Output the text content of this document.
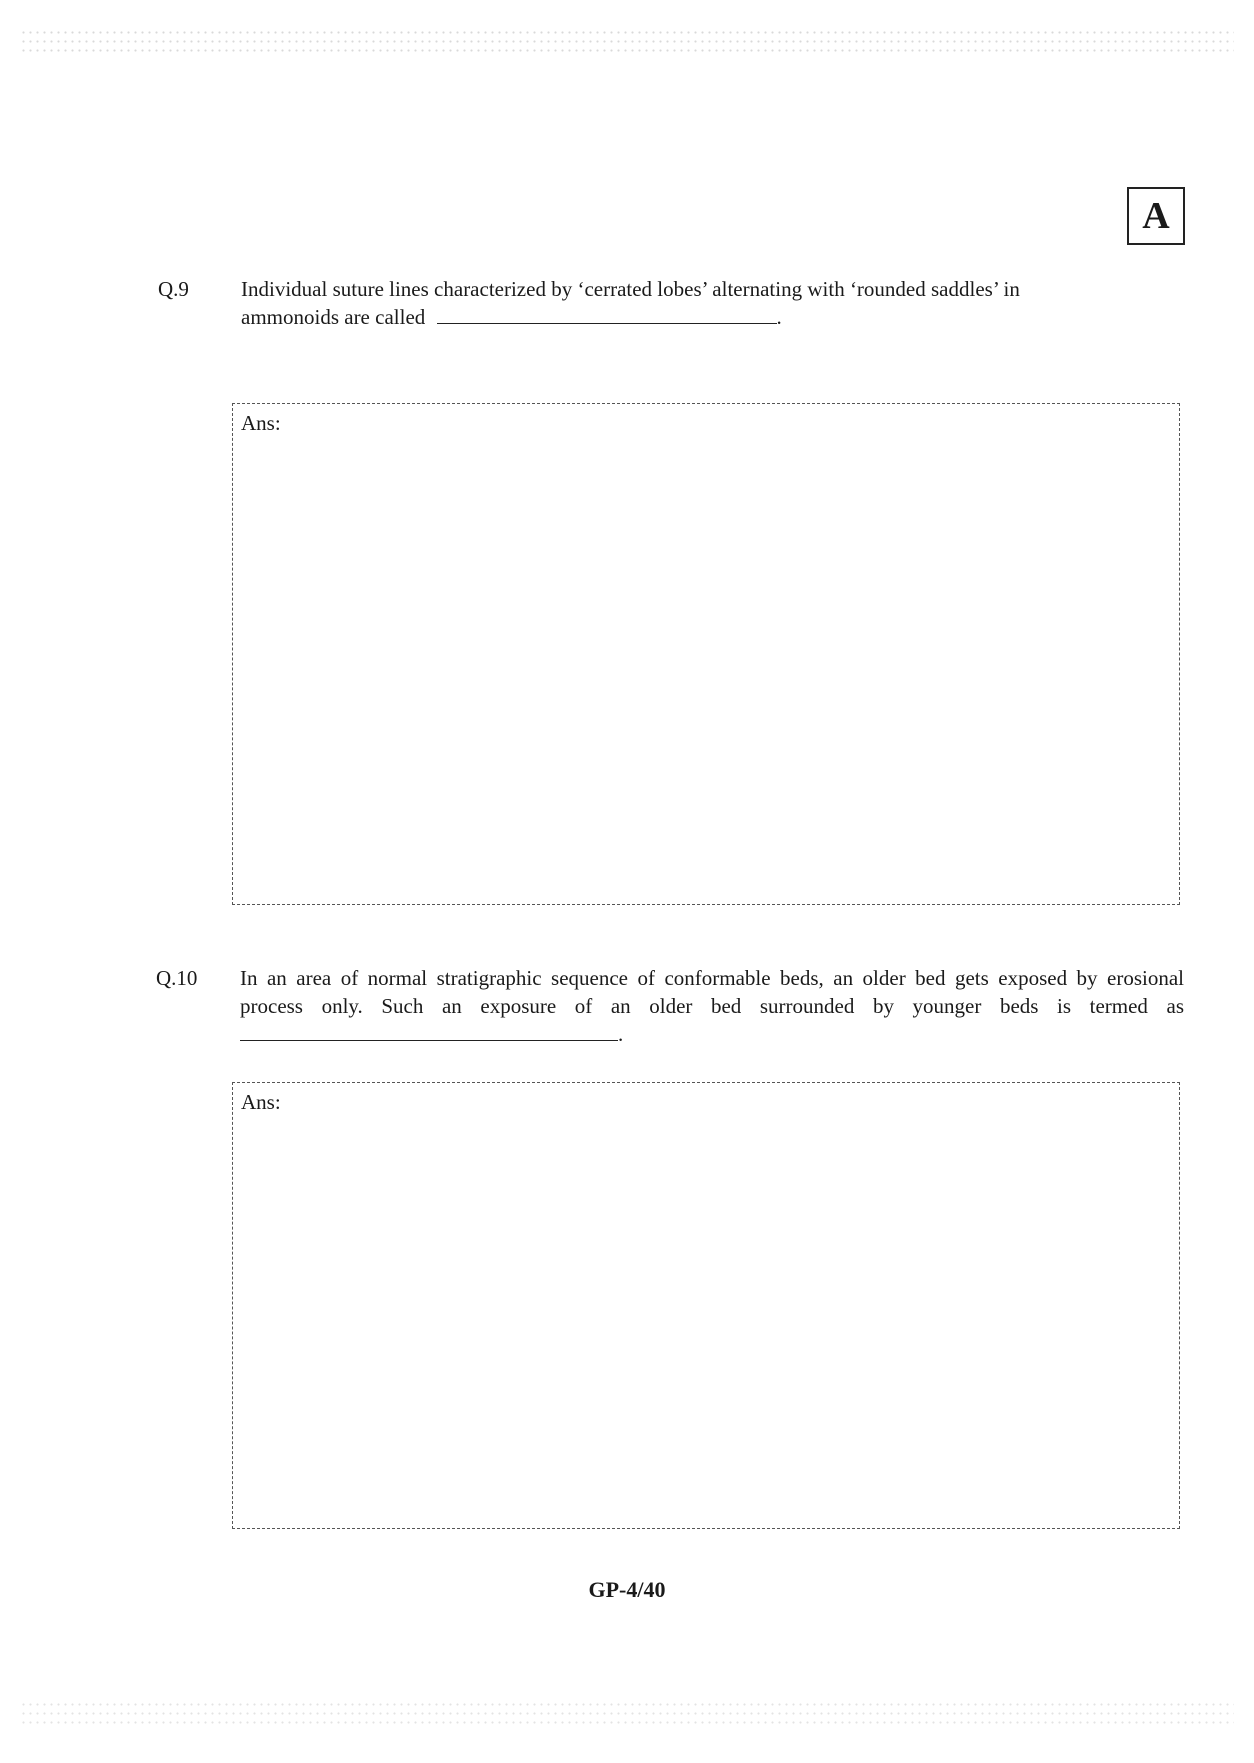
A
Q.9	Individual suture lines characterized by ‘cerrated lobes’ alternating with ‘rounded saddles’ in
ammonoids are called	.
Ans:
Q.10	In an area of normal stratigraphic sequence of conformable beds, an older bed gets exposed by erosional process only. Such an exposure of an older bed surrounded by younger beds is termed as.
Ans:
GP-4/40
